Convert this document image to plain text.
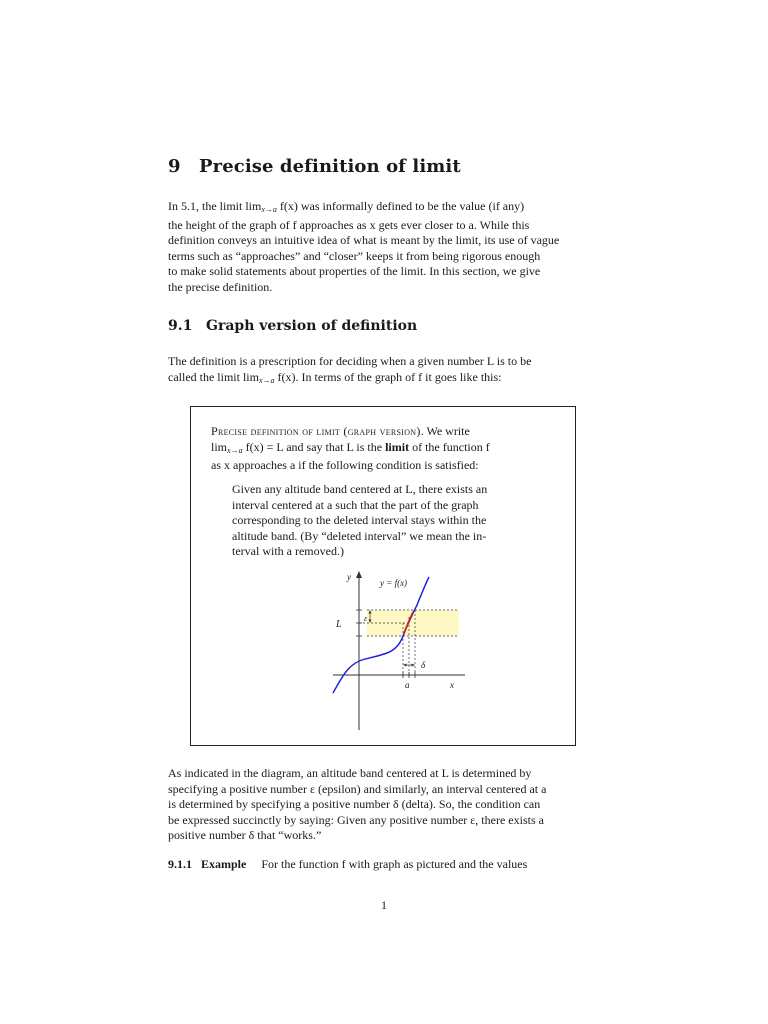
9 Precise definition of limit
In 5.1, the limit $\lim_{x\to a} f(x)$ was informally defined to be the value (if any)
the height of the graph of f approaches as x gets ever closer to a. While this
definition conveys an intuitive idea of what is meant by the limit, its use of vague
terms such as “approaches” and “closer” keeps it from being rigorous enough
to make solid statements about properties of the limit. In this section, we give
the precise definition.
9.1 Graph version of definition
The definition is a prescription for deciding when a given number L is to be
called the limit $\lim_{x\to a} f(x)$. In terms of the graph of f it goes like this:
Precise definition of limit (graph version). We write
$\lim_{x\to a} f(x) = L$ and say that L is the limit of the function f
as x approaches a if the following condition is satisfied:
Given any altitude band centered at L, there exists an
interval centered at a such that the part of the graph
corresponding to the deleted interval stays within the
altitude band. (By “deleted interval” we mean the in-
terval with a removed.)
y
y = f(x)
L
ε
δ
a	x
As indicated in the diagram, an altitude band centered at L is determined by
specifying a positive number ε (epsilon) and similarly, an interval centered at a
is determined by specifying a positive number δ (delta). So, the condition can
be expressed succinctly by saying: Given any positive number ε, there exists a
positive number δ that “works.”

9.1.1 Example For the function f with graph as pictured and the values

1
